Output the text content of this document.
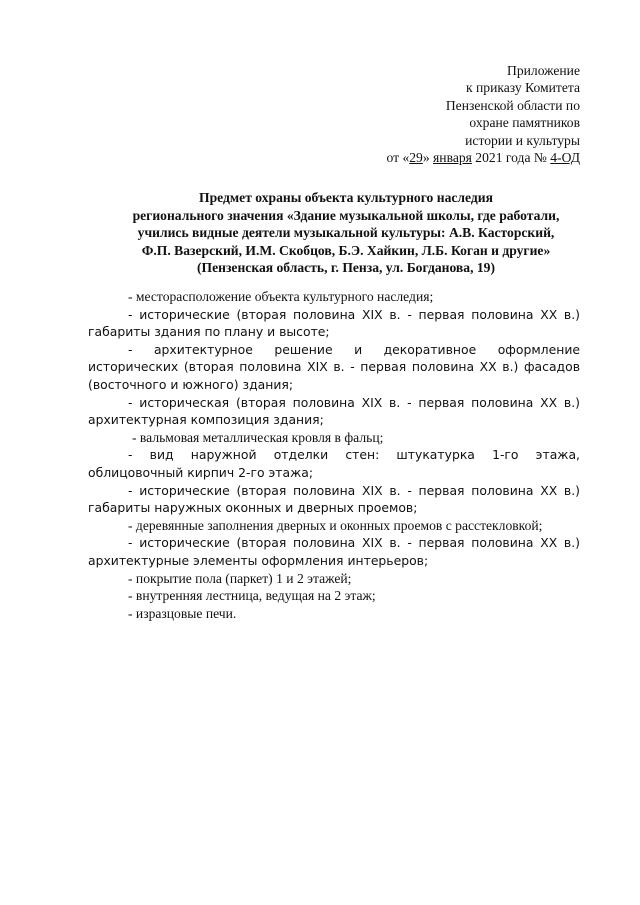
Приложение
к приказу Комитета
Пензенской области по
охране памятников
истории и культуры
от «29» января 2021 года № 4-ОД
Предмет охраны объекта культурного наследия
регионального значения «Здание музыкальной школы, где работали,
учились видные деятели музыкальной культуры: А.В. Касторский,
Ф.П. Вазерский, И.М. Скобцов, Б.Э. Хайкин, Л.Б. Коган и другие»
(Пензенская область, г. Пенза, ул. Богданова, 19)

- месторасположение объекта культурного наследия;

- исторические (вторая половина XIX в. - первая половина XX в.) габариты здания по плану и высоте;

- архитектурное решение и декоративное оформление исторических (вторая половина XIX в. - первая половина XX в.) фасадов (восточного и южного) здания;

- историческая (вторая половина XIX в. - первая половина XX в.) архитектурная композиция здания;

- вальмовая металлическая кровля в фальц;

- вид наружной отделки стен: штукатурка 1-го этажа, облицовочный кирпич 2-го этажа;

- исторические (вторая половина XIX в. - первая половина XX в.) габариты наружных оконных и дверных проемов;

- деревянные заполнения дверных и оконных проемов с расстекловкой;

- исторические (вторая половина XIX в. - первая половина XX в.) архитектурные элементы оформления интерьеров;

- покрытие пола (паркет) 1 и 2 этажей;

- внутренняя лестница, ведущая на 2 этаж;

- изразцовые печи.
